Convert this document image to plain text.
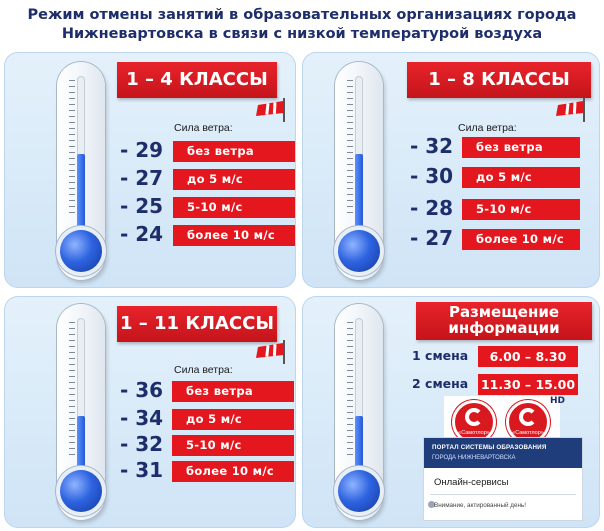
Режим отмены занятий в образовательных организациях города
Нижневартовска в связи с низкой температурой воздуха
1 – 4 КЛАССЫ
Сила ветра:
- 29	без ветра
- 27	до 5 м/с
- 25	5-10 м/с
- 24	более 10 м/с
1 – 8 КЛАССЫ
Сила ветра:
- 32	без ветра
- 30	до 5 м/с
- 28	5-10 м/с
- 27	более 10 м/с
1 – 11 КЛАССЫ
Сила ветра:
- 36	без ветра
- 34	до 5 м/с
- 32	5-10 м/с
- 31	более 10 м/с
Размещение
информации
1 смена	6.00 – 8.30
2 смена 11.30 – 15.00
«Самотлор»	«Самотлор»
HD
ПОРТАЛ СИСТЕМЫ ОБРАЗОВАНИЯ
ГОРОДА НИЖНЕВАРТОВСКА
Онлайн-сервисы
Внимание, актированный день!
